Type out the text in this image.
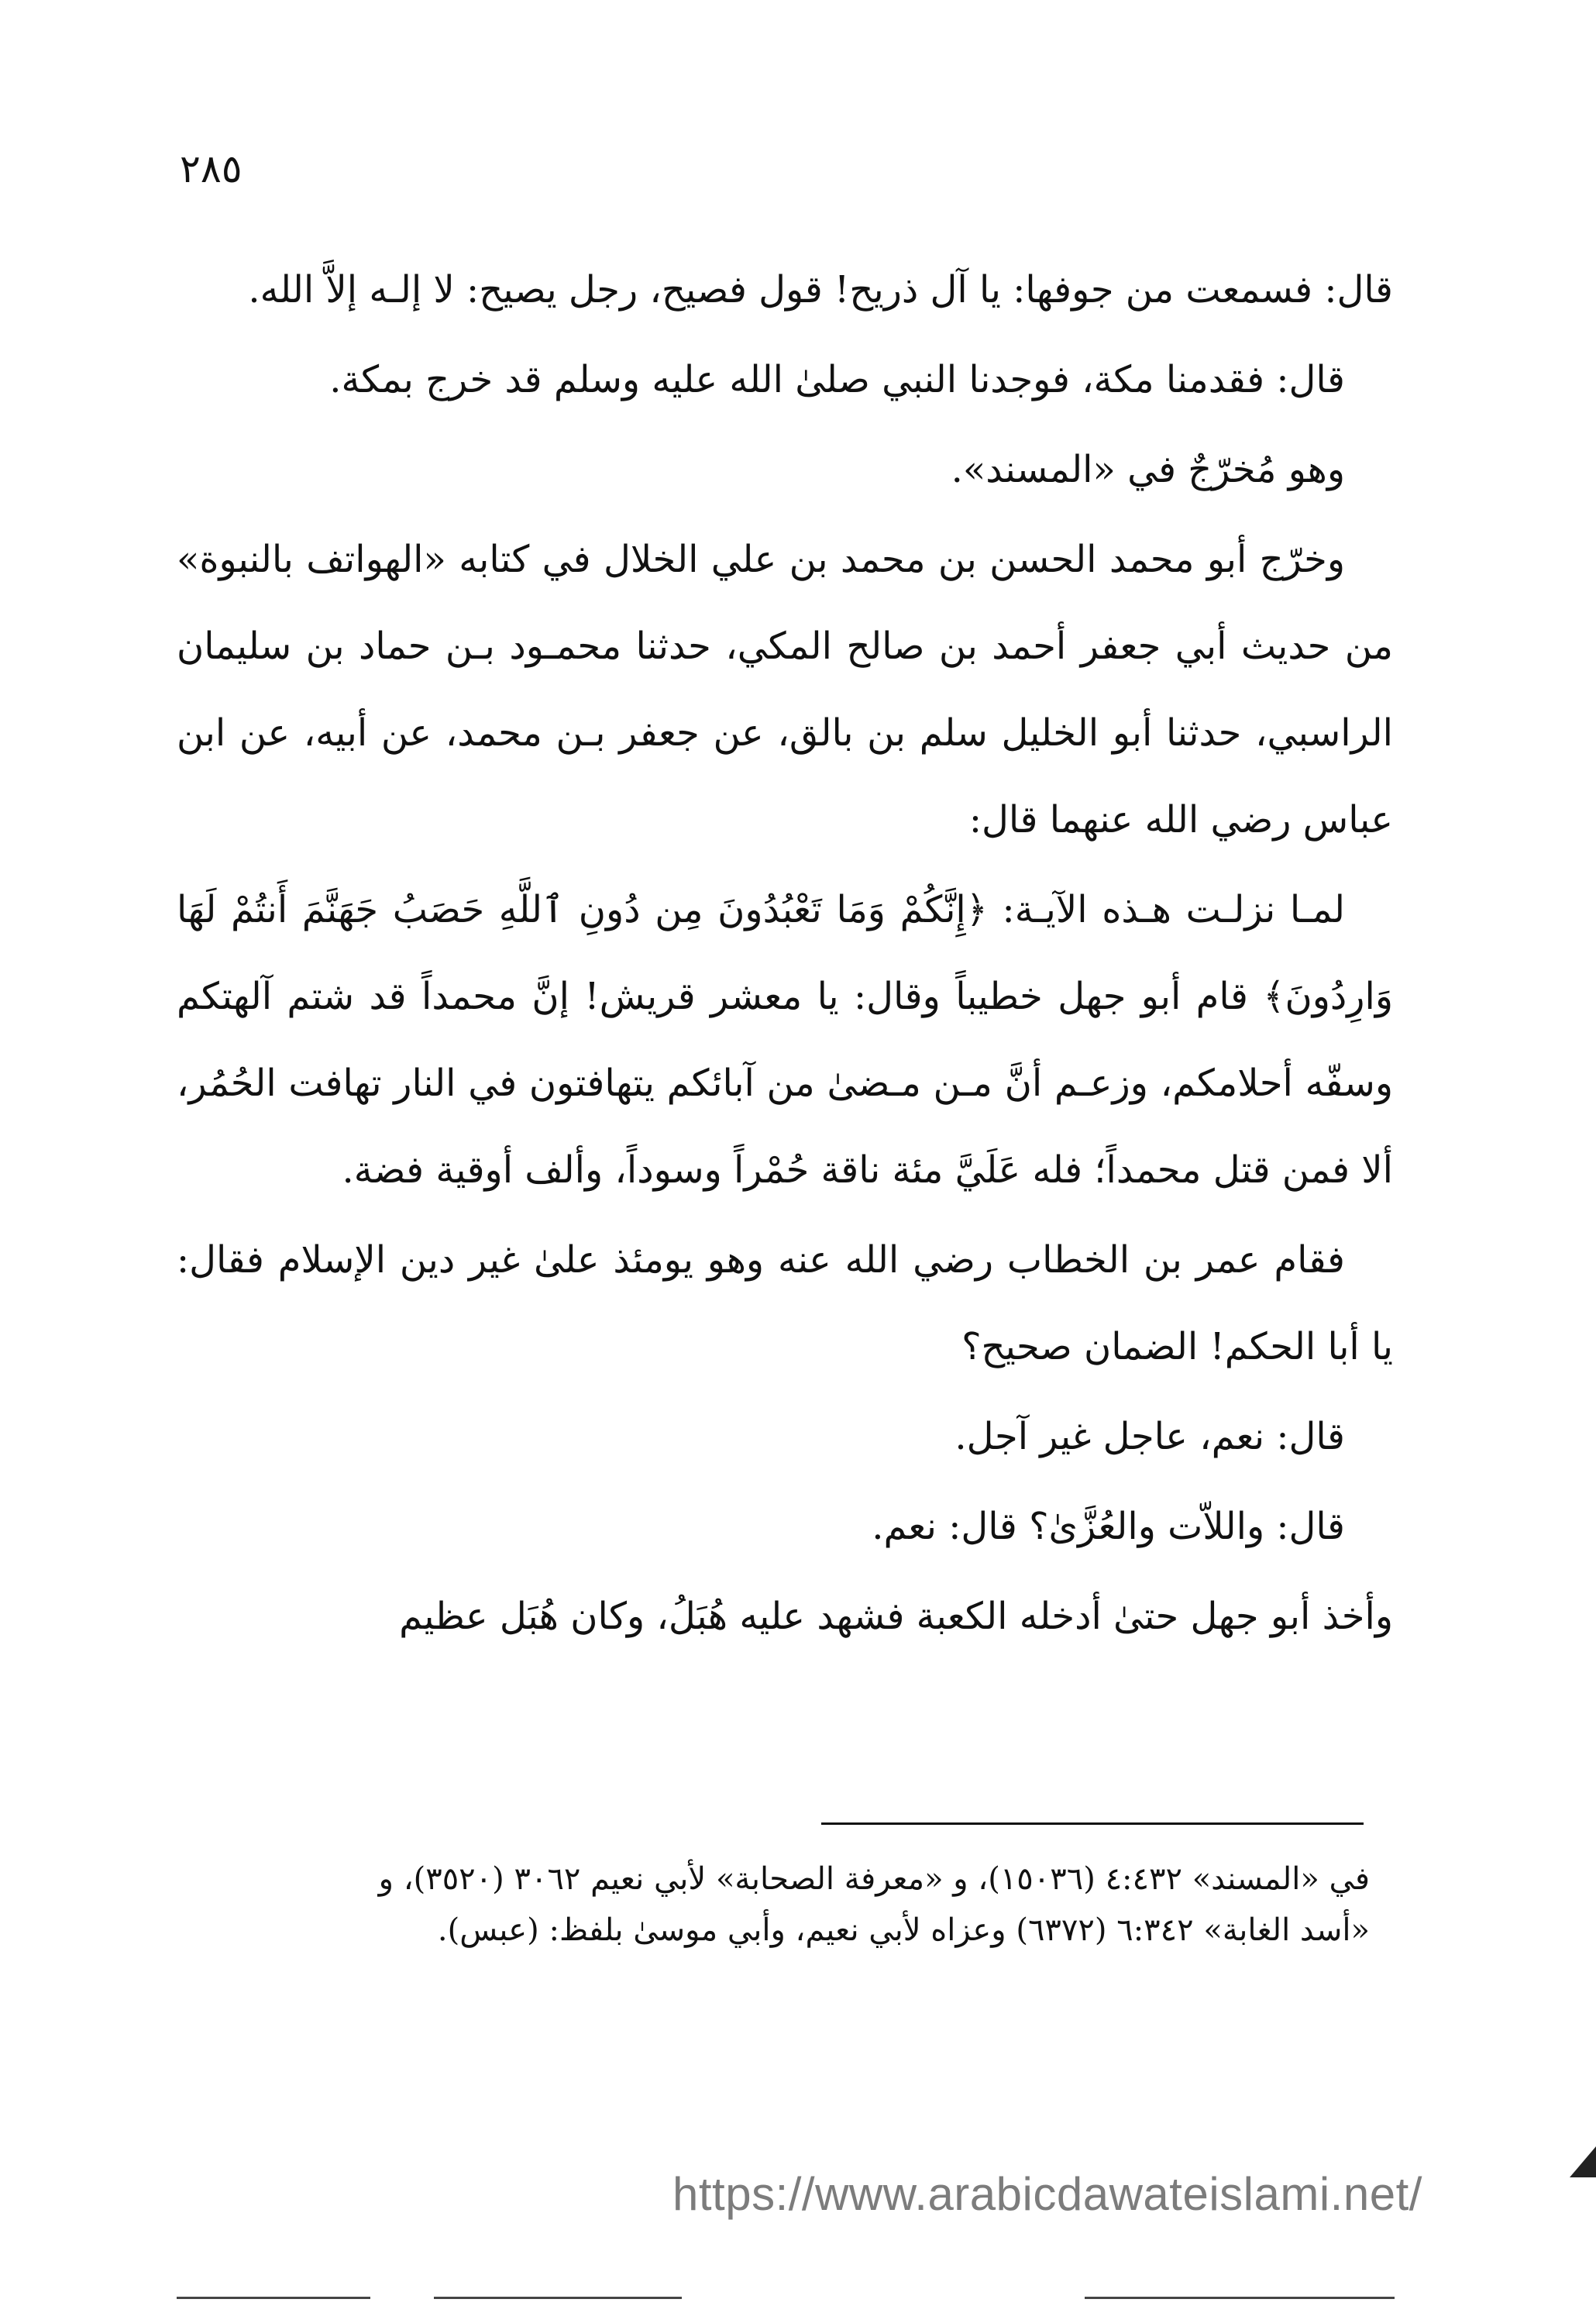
٢٨٥

قال: فسمعت من جوفها: يا آل ذريح! قول فصيح، رجل يصيح: لا إلـه إلاَّ الله.

قال: فقدمنا مكة، فوجدنا النبي صلىٰ الله عليه وسلم قد خرج بمكة.

وهو مُخرّجٌ في «المسند».

وخرّج أبو محمد الحسن بن محمد بن علي الخلال في كتابه «الهواتف بالنبوة» من حديث أبي جعفر أحمد بن صالح المكي، حدثنا محمـود بـن حماد بن سليمان الراسبي، حدثنا أبو الخليل سلم بن بالق، عن جعفر بـن محمد، عن أبيه، عن ابن عباس رضي الله عنهما قال:

لمـا نزلـت هـذه الآيـة: ﴿إِنَّكُمْ وَمَا تَعْبُدُونَ مِن دُونِ ٱللَّهِ حَصَبُ جَهَنَّمَ أَنتُمْ لَهَا وَارِدُونَ﴾ قام أبو جهل خطيباً وقال: يا معشر قريش! إنَّ محمداً قد شتم آلهتكم وسفّه أحلامكم، وزعـم أنَّ مـن مـضىٰ من آبائكم يتهافتون في النار تهافت الحُمُر، ألا فمن قتل محمداً؛ فله عَلَيَّ مئة ناقة حُمْراً وسوداً، وألف أوقية فضة.

فقام عمر بن الخطاب رضي الله عنه وهو يومئذ علىٰ غير دين الإسلام فقال: يا أبا الحكم! الضمان صحيح؟

قال: نعم، عاجل غير آجل.

قال: واللاّت والعُزَّىٰ؟ قال: نعم.

وأخذ أبو جهل حتىٰ أدخله الكعبة فشهد عليه هُبَلُ، وكان هُبَل عظيم

في «المسند» ٤:٤٣٢ (١٥٠٣٦)، و «معرفة الصحابة» لأبي نعيم ٣٠٦٢ (٣٥٢٠)، و

«أسد الغابة» ٦:٣٤٢ (٦٣٧٢) وعزاه لأبي نعيم، وأبي موسىٰ بلفظ: (عبس).

https://www.arabicdawateislami.net/
